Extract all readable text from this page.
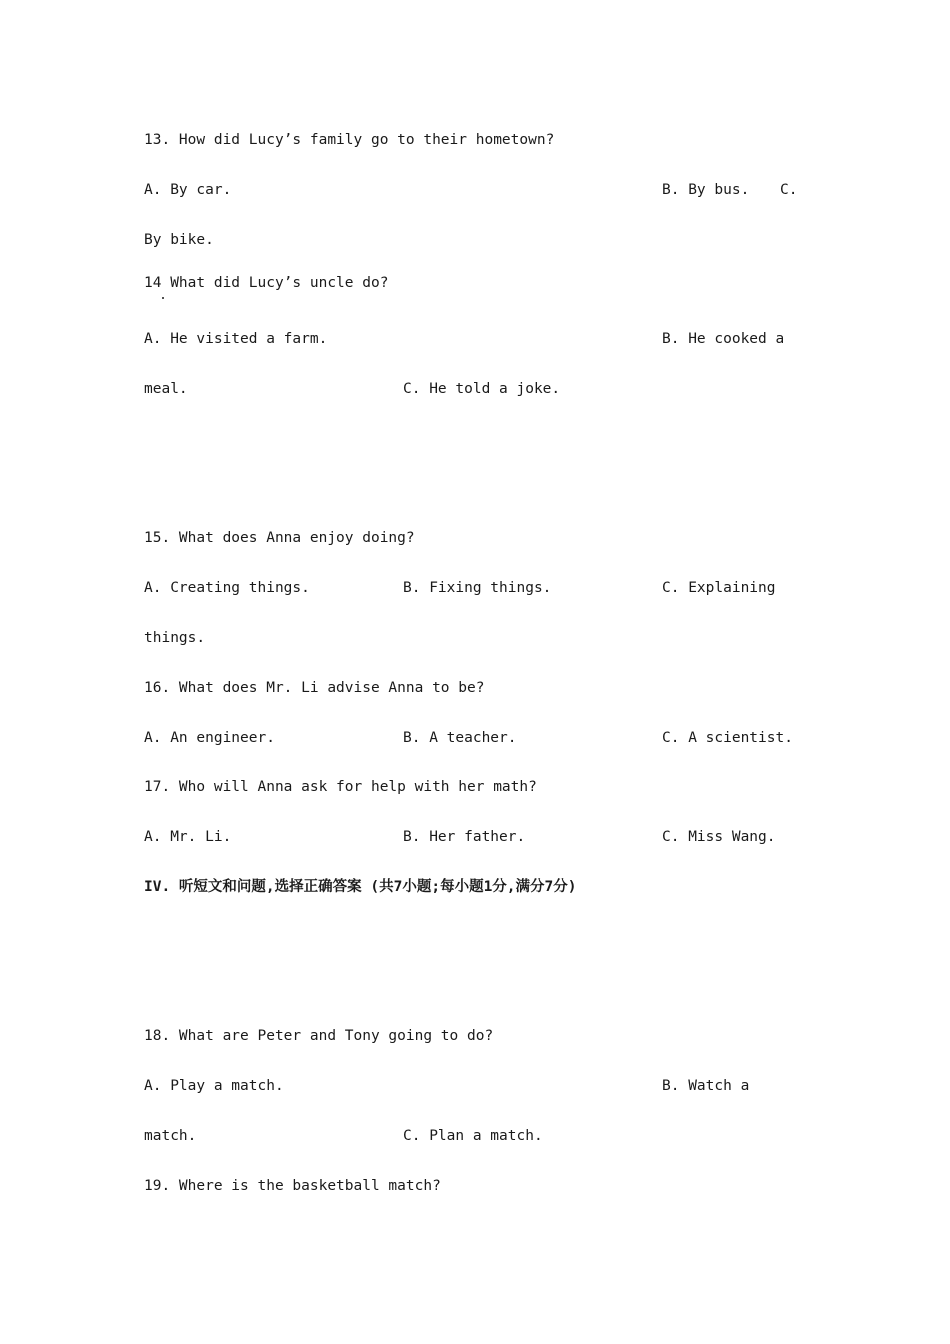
13. How did Lucy’s family go to their hometown?
A. By car.	B. By bus. C.
By bike.
14 What did Lucy’s uncle do?
A. He visited a farm.	B. He cooked a
meal.	C. He told a joke.
15. What does Anna enjoy doing?
A. Creating things.	B. Fixing things.	C. Explaining
things.
16. What does Mr. Li advise Anna to be?
A. An engineer.	B. A teacher.	C. A scientist.
17. Who will Anna ask for help with her math?
A. Mr. Li.	B. Her father.	C. Miss Wang.
IV. 听短文和问题,选择正确答案 (共7小题;每小题1分,满分7分)
18. What are Peter and Tony going to do?
A. Play a match.	B. Watch a
match.	C. Plan a match.
19. Where is the basketball match?
